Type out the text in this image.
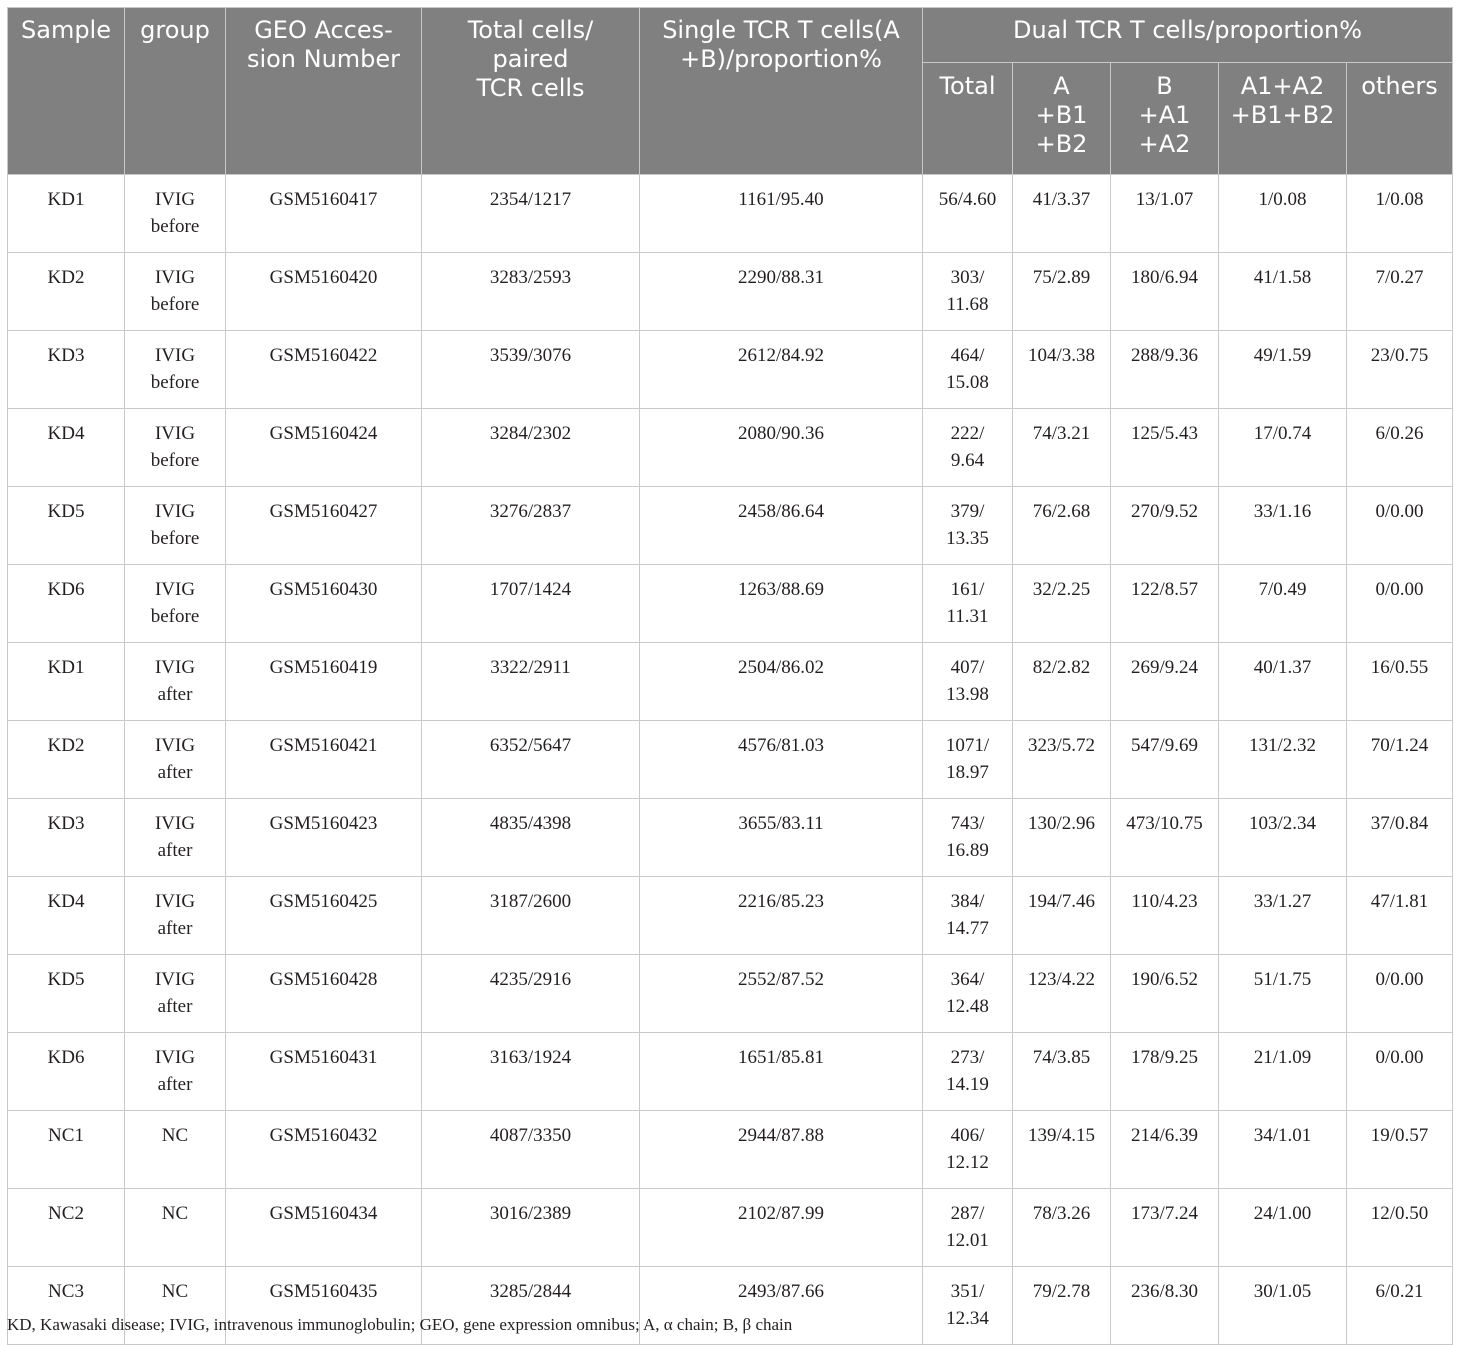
Sample	group	GEO Acces-
sion Number	Total cells/
paired
TCR cells	Single TCR T cells(A
+B)/proportion%	Dual TCR T cells/proportion%				
					Total	A
+B1
+B2	B
+A1
+A2	A1+A2
+B1+B2	others
KD1	IVIG
before	GSM5160417	2354/1217	1161/95.40	56/4.60	41/3.37	13/1.07	1/0.08	1/0.08
KD2	IVIG
before	GSM5160420	3283/2593	2290/88.31	303/
11.68	75/2.89	180/6.94	41/1.58	7/0.27
KD3	IVIG
before	GSM5160422	3539/3076	2612/84.92	464/
15.08	104/3.38	288/9.36	49/1.59	23/0.75
KD4	IVIG
before	GSM5160424	3284/2302	2080/90.36	222/
9.64	74/3.21	125/5.43	17/0.74	6/0.26
KD5	IVIG
before	GSM5160427	3276/2837	2458/86.64	379/
13.35	76/2.68	270/9.52	33/1.16	0/0.00
KD6	IVIG
before	GSM5160430	1707/1424	1263/88.69	161/
11.31	32/2.25	122/8.57	7/0.49	0/0.00
KD1	IVIG
after	GSM5160419	3322/2911	2504/86.02	407/
13.98	82/2.82	269/9.24	40/1.37	16/0.55
KD2	IVIG
after	GSM5160421	6352/5647	4576/81.03	1071/
18.97	323/5.72	547/9.69	131/2.32	70/1.24
KD3	IVIG
after	GSM5160423	4835/4398	3655/83.11	743/
16.89	130/2.96	473/10.75	103/2.34	37/0.84
KD4	IVIG
after	GSM5160425	3187/2600	2216/85.23	384/
14.77	194/7.46	110/4.23	33/1.27	47/1.81
KD5	IVIG
after	GSM5160428	4235/2916	2552/87.52	364/
12.48	123/4.22	190/6.52	51/1.75	0/0.00
KD6	IVIG
after	GSM5160431	3163/1924	1651/85.81	273/
14.19	74/3.85	178/9.25	21/1.09	0/0.00
NC1	NC	GSM5160432	4087/3350	2944/87.88	406/
12.12	139/4.15	214/6.39	34/1.01	19/0.57
NC2	NC	GSM5160434	3016/2389	2102/87.99	287/
12.01	78/3.26	173/7.24	24/1.00	12/0.50
NC3	NC	GSM5160435	3285/2844	2493/87.66	351/
12.34	79/2.78	236/8.30	30/1.05	6/0.21
KD, Kawasaki disease; IVIG, intravenous immunoglobulin; GEO, gene expression omnibus; A, α chain; B, β chain
